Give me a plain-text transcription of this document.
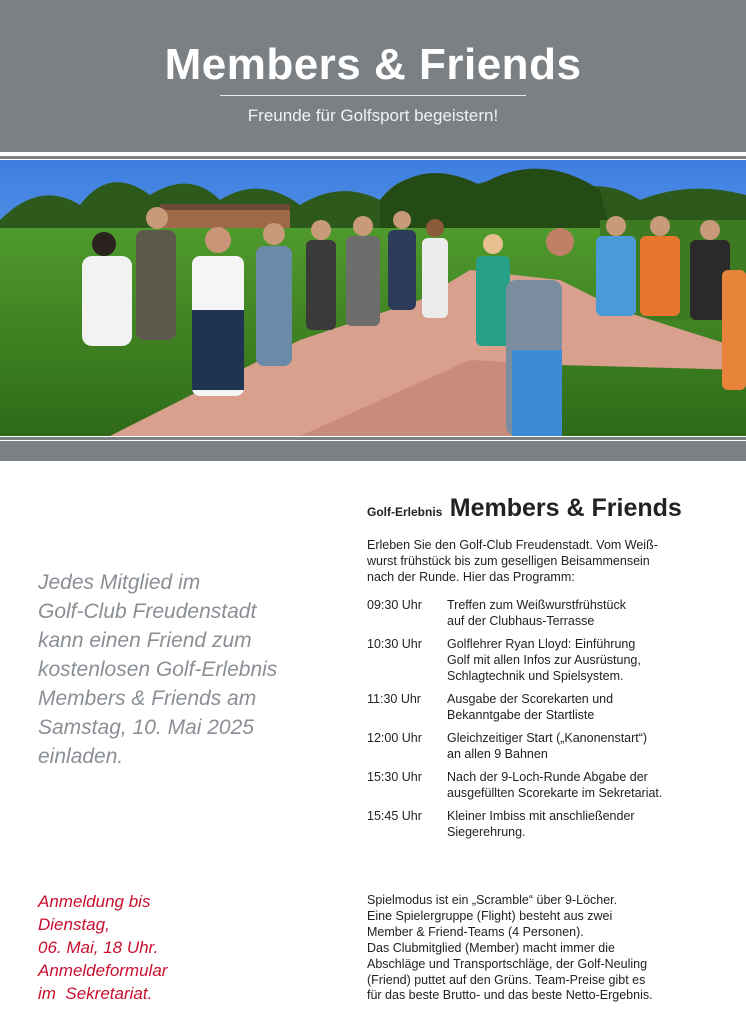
Members & Friends
Freunde für Golfsport begeistern!
Jedes Mitglied im
Golf-Club Freudenstadt
kann einen Friend zum
kostenlosen Golf-Erlebnis
Members & Friends am
Samstag, 10. Mai 2025
einladen.
Anmeldung bis
Dienstag,
06. Mai, 18 Uhr.
Anmeldeformular
im  Sekretariat.
Golf-Erlebnis Members & Friends
Erleben Sie den Golf-Club Freudenstadt. Vom Weiß-
wurst frühstück bis zum geselligen Beisammensein
nach der Runde. Hier das Programm:
09:30 Uhr	Treffen zum Weißwurstfrühstück
auf der Clubhaus-Terrasse
10:30 Uhr	Golflehrer Ryan Lloyd: Einführung
Golf mit allen Infos zur Ausrüstung,
Schlagtechnik und Spielsystem.
11:30 Uhr	Ausgabe der Scorekarten und
Bekanntgabe der Startliste
12:00 Uhr	Gleichzeitiger Start („Kanonenstart“)
an allen 9 Bahnen
15:30 Uhr	Nach der 9-Loch-Runde Abgabe der
ausgefüllten Scorekarte im Sekretariat.
15:45 Uhr	Kleiner Imbiss mit anschließender
Siegerehrung.
Spielmodus ist ein „Scramble“ über 9-Löcher.
Eine Spielergruppe (Flight) besteht aus zwei
Member & Friend-Teams (4 Personen).
Das Clubmitglied (Member) macht immer die
Abschläge und Transportschläge, der Golf-Neuling
(Friend) puttet auf den Grüns. Team-Preise gibt es
für das beste Brutto- und das beste Netto-Ergebnis.
